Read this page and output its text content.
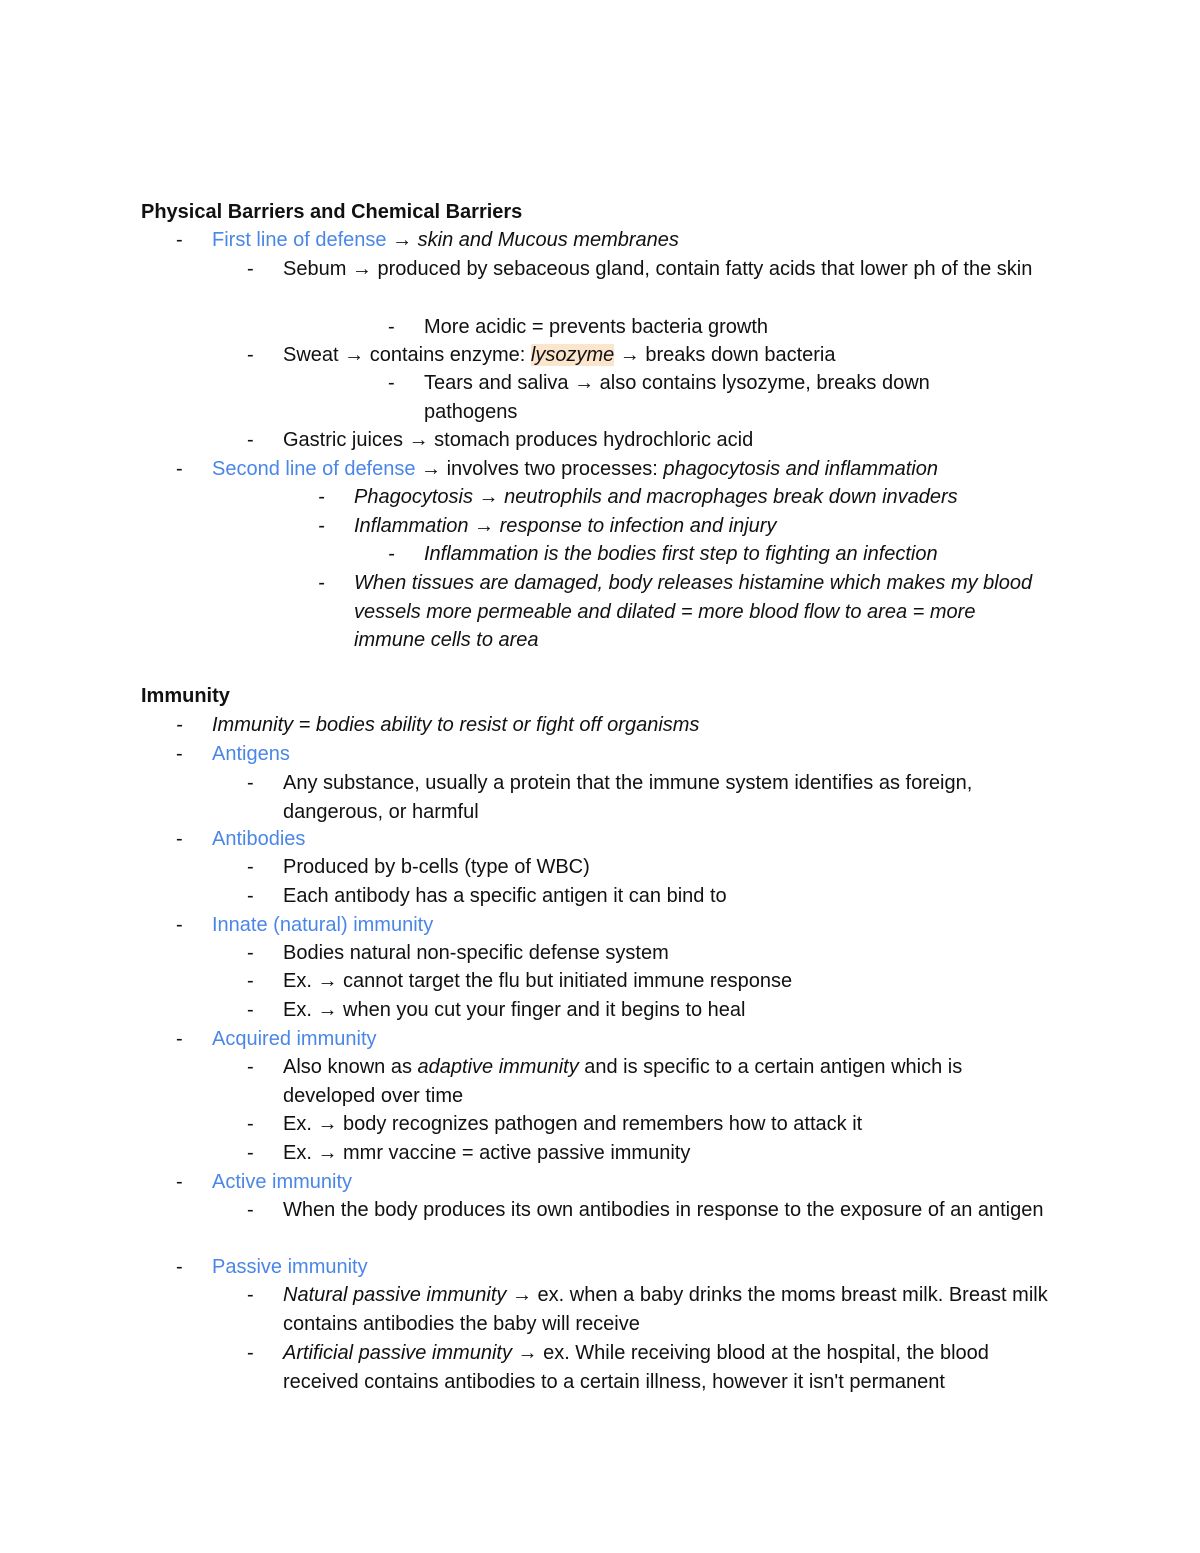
Physical Barriers and Chemical Barriers
- First line of defense → skin and Mucous membranes
- Sebum → produced by sebaceous gland, contain fatty acids that lower ph of the skin
- More acidic = prevents bacteria growth
- Sweat → contains enzyme: lysozyme → breaks down bacteria
- Tears and saliva → also contains lysozyme, breaks down pathogens
- Gastric juices → stomach produces hydrochloric acid
- Second line of defense → involves two processes: phagocytosis and inflammation
- Phagocytosis → neutrophils and macrophages break down invaders
- Inflammation → response to infection and injury
- Inflammation is the bodies first step to fighting an infection
- When tissues are damaged, body releases histamine which makes my blood vessels more permeable and dilated = more blood flow to area = more immune cells to area
Immunity
- Immunity = bodies ability to resist or fight off organisms
- Antigens
- Any substance, usually a protein that the immune system identifies as foreign, dangerous, or harmful
- Antibodies
- Produced by b-cells (type of WBC)
- Each antibody has a specific antigen it can bind to
- Innate (natural) immunity
- Bodies natural non-specific defense system
- Ex. → cannot target the flu but initiated immune response
- Ex. → when you cut your finger and it begins to heal
- Acquired immunity
- Also known as adaptive immunity and is specific to a certain antigen which is developed over time
- Ex. → body recognizes pathogen and remembers how to attack it
- Ex. → mmr vaccine = active passive immunity
- Active immunity
- When the body produces its own antibodies in response to the exposure of an antigen
- Passive immunity
- Natural passive immunity → ex. when a baby drinks the moms breast milk. Breast milk contains antibodies the baby will receive
- Artificial passive immunity → ex. While receiving blood at the hospital, the blood received contains antibodies to a certain illness, however it isn't permanent
